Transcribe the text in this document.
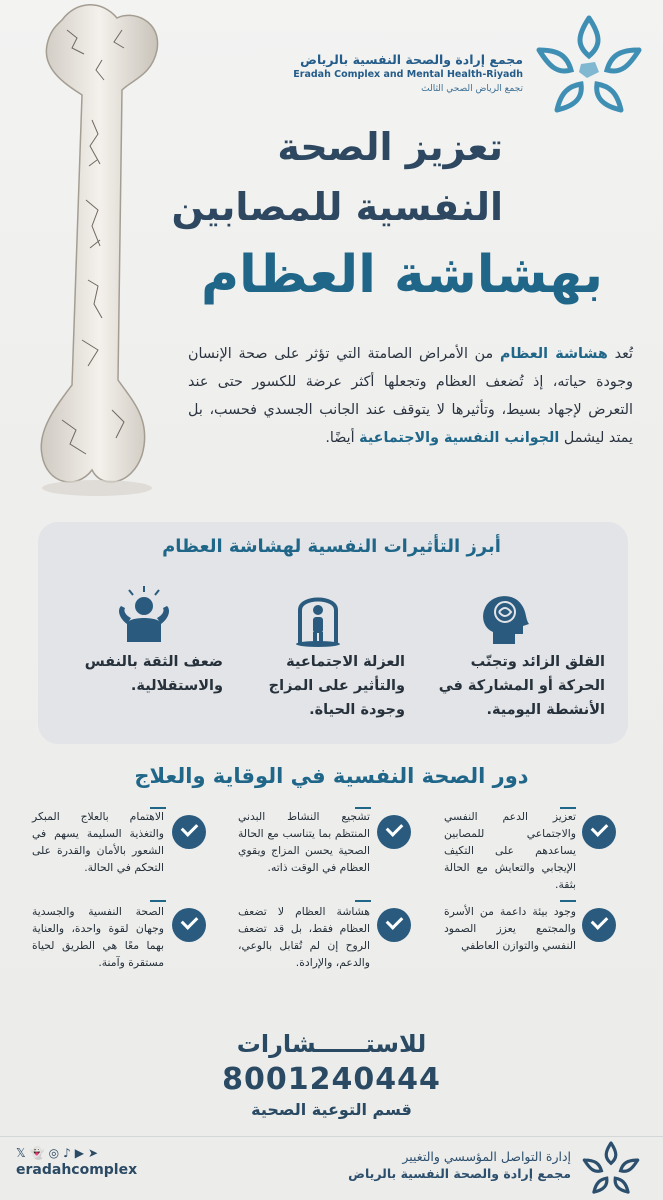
مجمع إرادة والصحة النفسية بالرياض
Eradah Complex and Mental Health-Riyadh
تجمع الرياض الصحي الثالث
تعزيز الصحة
النفسية للمصابين
بهشاشة العظام
تُعد هشاشة العظام من الأمراض الصامتة التي تؤثر على صحة الإنسان وجودة حياته، إذ تُضعف العظام وتجعلها أكثر عرضة للكسور حتى عند التعرض لإجهاد بسيط، وتأثيرها لا يتوقف عند الجانب الجسدي فحسب، بل يمتد ليشمل الجوانب النفسية والاجتماعية أيضًا.
أبرز التأثيرات النفسية لهشاشة العظام
القلق الزائد وتجنّب الحركة أو المشاركة في الأنشطة اليومية.
العزلة الاجتماعية والتأثير على المزاج وجودة الحياة.
ضعف الثقة بالنفس والاستقلالية.
دور الصحة النفسية في الوقاية والعلاج
تعزيز الدعم النفسي والاجتماعي للمصابين يساعدهم على التكيف الإيجابي والتعايش مع الحالة بثقة.
تشجيع النشاط البدني المنتظم بما يتناسب مع الحالة الصحية يحسن المزاج ويقوي العظام في الوقت ذاته.
الاهتمام بالعلاج المبكر والتغذية السليمة يسهم في الشعور بالأمان والقدرة على التحكم في الحالة.
وجود بيئة داعمة من الأسرة والمجتمع يعزز الصمود النفسي والتوازن العاطفي
هشاشة العظام لا تضعف العظام فقط، بل قد تضعف الروح إن لم تُقابل بالوعي، والدعم، والإرادة.
الصحة النفسية والجسدية وجهان لقوة واحدة، والعناية بهما معًا هي الطريق لحياة مستقرة وآمنة.
للاستــــــشارات
8001240444
قسم التوعية الصحية
𝕏 👻 ◎ ♪ ▶ ➤
eradahcomplex
إدارة التواصل المؤسسي والتغيير
مجمع إرادة والصحة النفسية بالرياض
